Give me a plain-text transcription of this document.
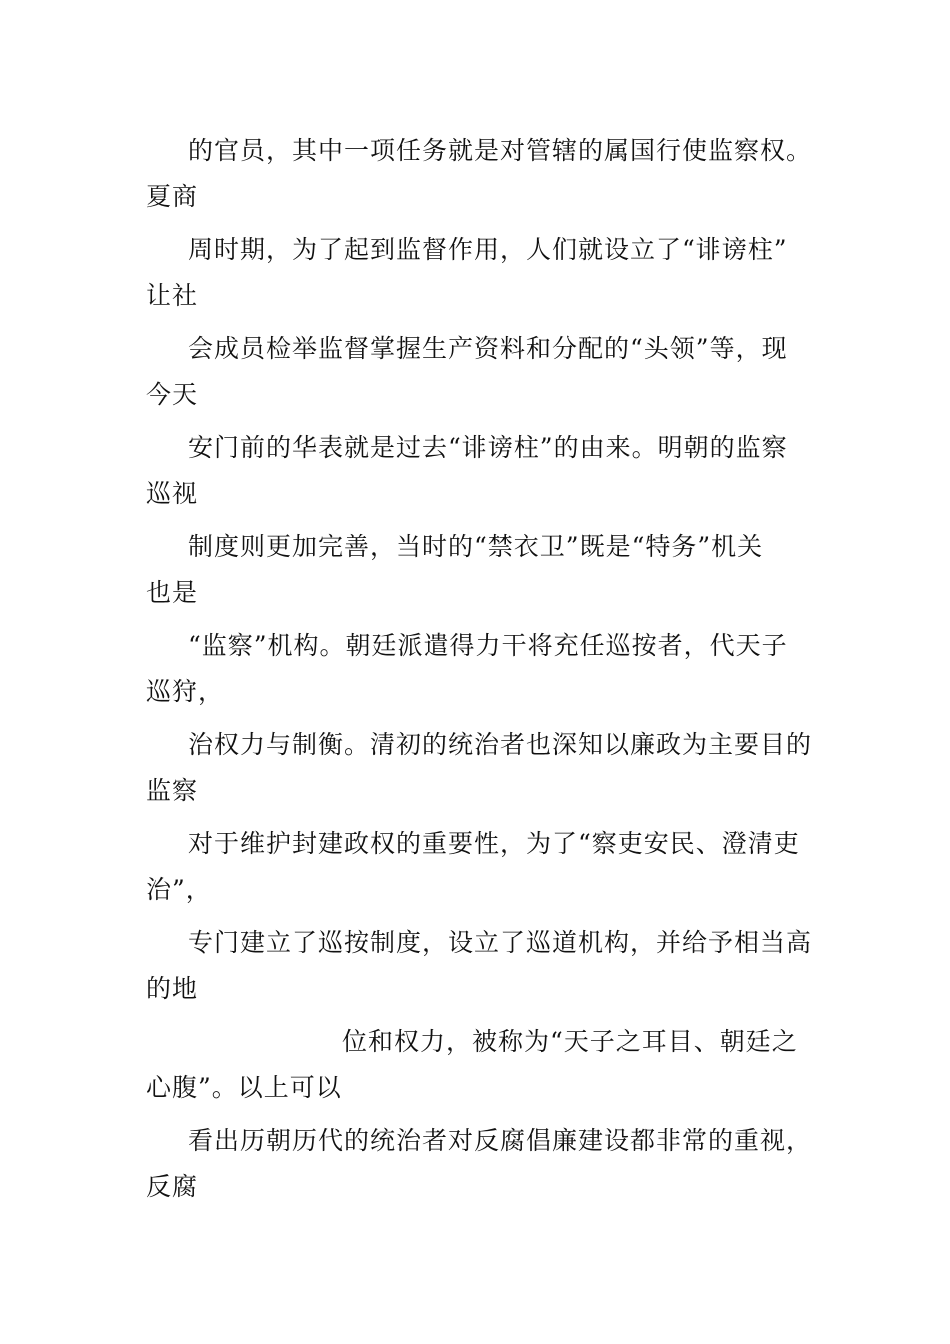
的官员，其中一项任务就是对管辖的属国行使监察权。
夏商

周时期，为了起到监督作用，人们就设立了“诽谤柱”
让社

会成员检举监督掌握生产资料和分配的“头领”等，现
今天

安门前的华表就是过去“诽谤柱”的由来。明朝的监察
巡视

制度则更加完善，当时的“禁衣卫”既是“特务”机关
也是

“监察”机构。朝廷派遣得力干将充任巡按者，代天子
巡狩，

治权力与制衡。清初的统治者也深知以廉政为主要目的
监察

对于维护封建政权的重要性，为了“察吏安民、澄清吏
治”，

专门建立了巡按制度，设立了巡道机构，并给予相当高
的地

位和权力，被称为“天子之耳目、朝廷之
心腹”。以上可以

看出历朝历代的统治者对反腐倡廉建设都非常的重视，
反腐
